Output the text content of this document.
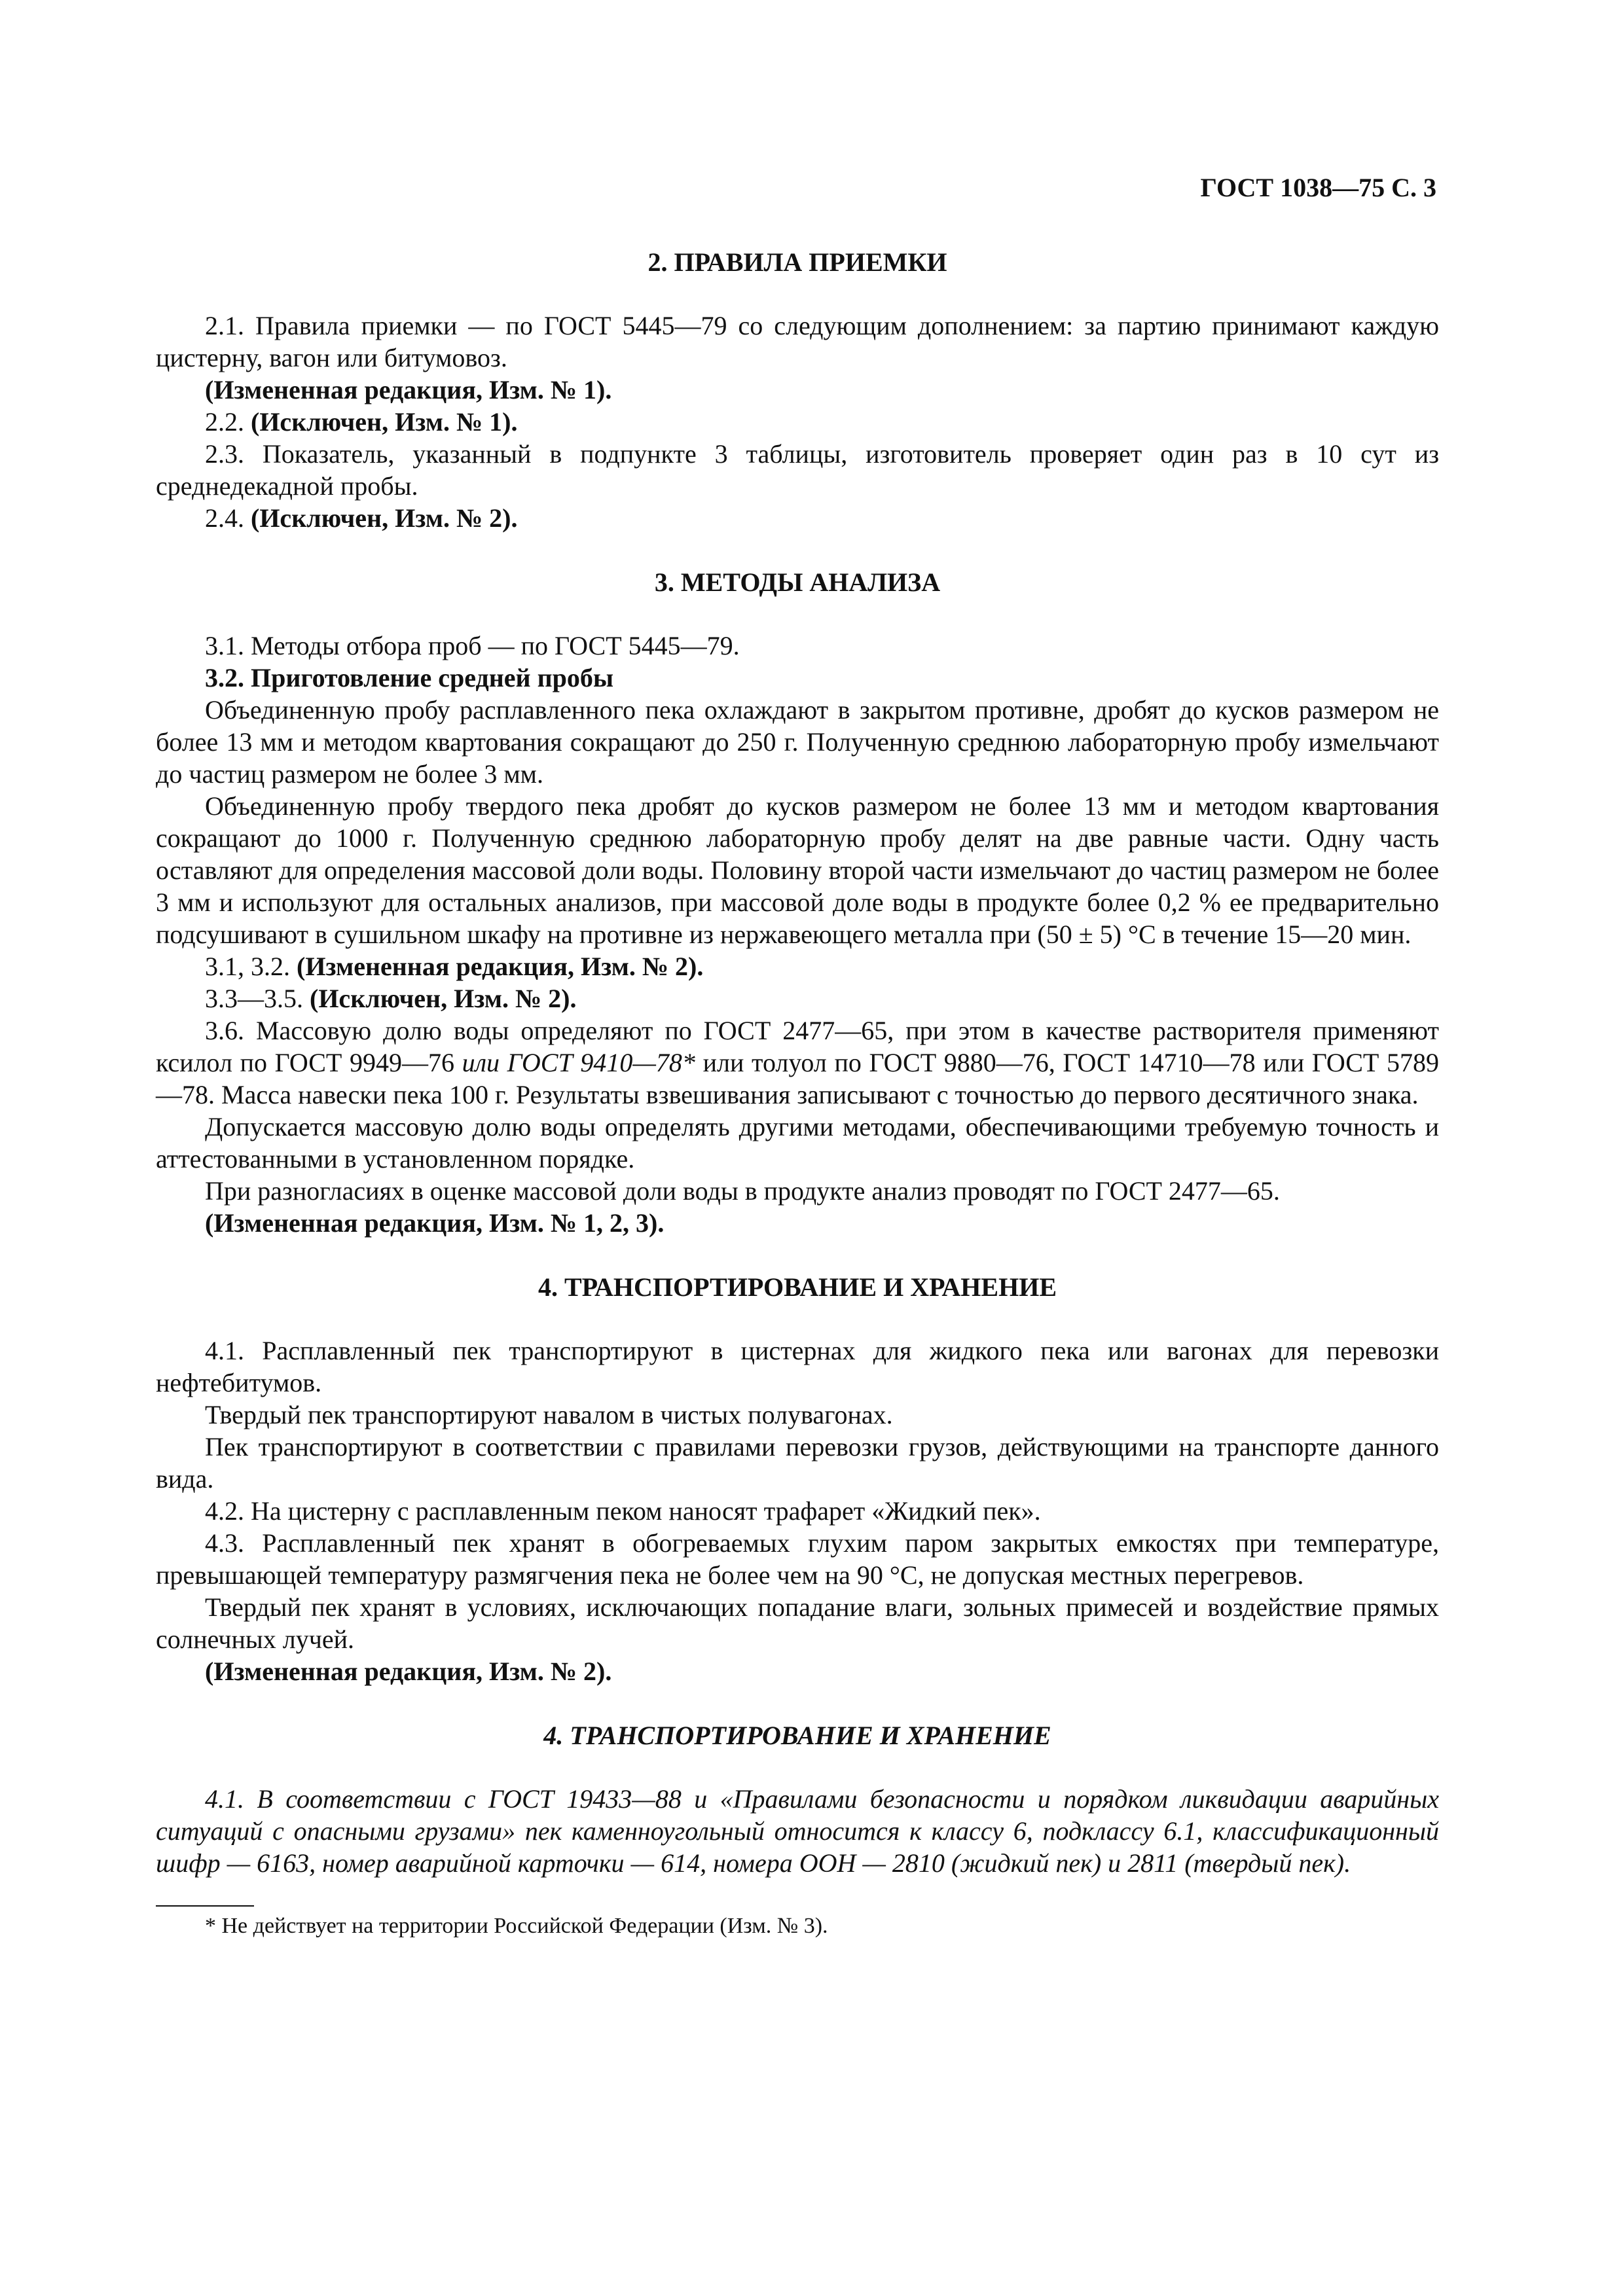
ГОСТ 1038—75 С. 3
2. ПРАВИЛА ПРИЕМКИ

2.1. Правила приемки — по ГОСТ 5445—79 со следующим дополнением: за партию принимают каждую цистерну, вагон или битумовоз.

(Измененная редакция, Изм. № 1).

2.2. (Исключен, Изм. № 1).

2.3. Показатель, указанный в подпункте 3 таблицы, изготовитель проверяет один раз в 10 сут из среднедекадной пробы.

2.4. (Исключен, Изм. № 2).

3. МЕТОДЫ АНАЛИЗА

3.1. Методы отбора проб — по ГОСТ 5445—79.

3.2. Приготовление средней пробы

Объединенную пробу расплавленного пека охлаждают в закрытом противне, дробят до кусков размером не более 13 мм и методом квартования сокращают до 250 г. Полученную среднюю лабораторную пробу измельчают до частиц размером не более 3 мм.

Объединенную пробу твердого пека дробят до кусков размером не более 13 мм и методом квартования сокращают до 1000 г. Полученную среднюю лабораторную пробу делят на две равные части. Одну часть оставляют для определения массовой доли воды. Половину второй части измельчают до частиц размером не более 3 мм и используют для остальных анализов, при массовой доле воды в продукте более 0,2 % ее предварительно подсушивают в сушильном шкафу на противне из нержавеющего металла при (50 ± 5) °С в течение 15—20 мин.

3.1, 3.2. (Измененная редакция, Изм. № 2).

3.3—3.5. (Исключен, Изм. № 2).

3.6. Массовую долю воды определяют по ГОСТ 2477—65, при этом в качестве растворителя применяют ксилол по ГОСТ 9949—76 или ГОСТ 9410—78* или толуол по ГОСТ 9880—76, ГОСТ 14710—78 или ГОСТ 5789—78. Масса навески пека 100 г. Результаты взвешивания записывают с точностью до первого десятичного знака.

Допускается массовую долю воды определять другими методами, обеспечивающими требуемую точность и аттестованными в установленном порядке.

При разногласиях в оценке массовой доли воды в продукте анализ проводят по ГОСТ 2477—65.

(Измененная редакция, Изм. № 1, 2, 3).

4. ТРАНСПОРТИРОВАНИЕ И ХРАНЕНИЕ

4.1. Расплавленный пек транспортируют в цистернах для жидкого пека или вагонах для перевозки нефтебитумов.

Твердый пек транспортируют навалом в чистых полувагонах.

Пек транспортируют в соответствии с правилами перевозки грузов, действующими на транспорте данного вида.

4.2. На цистерну с расплавленным пеком наносят трафарет «Жидкий пек».

4.3. Расплавленный пек хранят в обогреваемых глухим паром закрытых емкостях при температуре, превышающей температуру размягчения пека не более чем на 90 °С, не допуская местных перегревов.

Твердый пек хранят в условиях, исключающих попадание влаги, зольных примесей и воздействие прямых солнечных лучей.

(Измененная редакция, Изм. № 2).

4. ТРАНСПОРТИРОВАНИЕ И ХРАНЕНИЕ

4.1. В соответствии с ГОСТ 19433—88 и «Правилами безопасности и порядком ликвидации аварийных ситуаций с опасными грузами» пек каменноугольный относится к классу 6, подклассу 6.1, классификационный шифр — 6163, номер аварийной карточки — 614, номера ООН — 2810 (жидкий пек) и 2811 (твердый пек).

* Не действует на территории Российской Федерации (Изм. № 3).
